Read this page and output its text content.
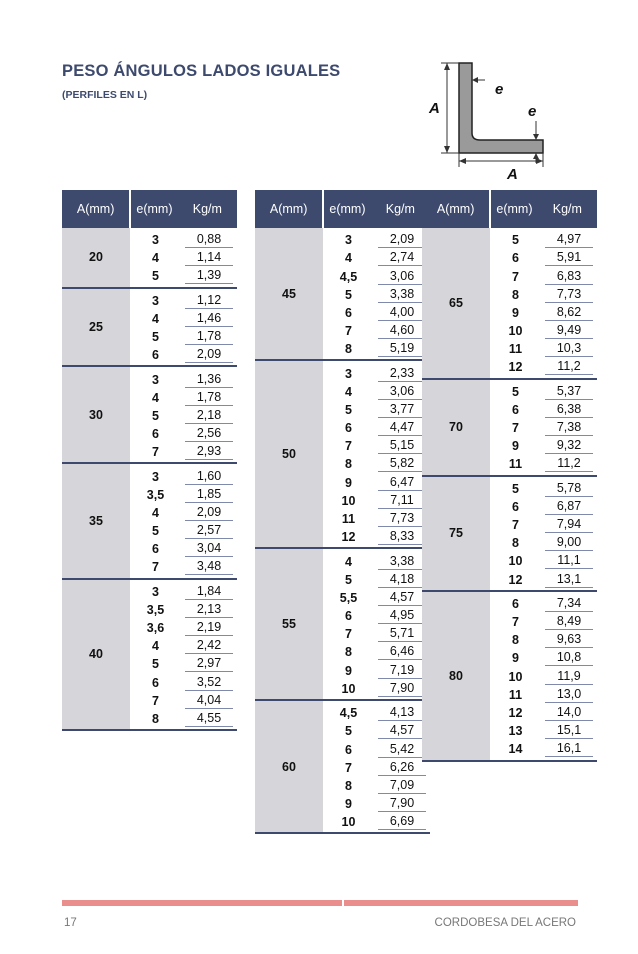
PESO ÁNGULOS LADOS IGUALES
(PERFILES EN L)
A
e
e
A
A (mm) e (mm) Kg/m
20
3	0,88
4	1,14
5	1,39
25
3	1,12
4	1,46
5	1,78
6	2,09
30
3	1,36
4	1,78
5	2,18
6	2,56
7	2,93
35
3	1,60
3,5	1,85
4	2,09
5	2,57
6	3,04
7	3,48
40
3	1,84
3,5	2,13
3,6	2,19
4	2,42
5	2,97
6	3,52
7	4,04
8	4,55
A (mm) e (mm) Kg/m
45
3	2,09
4	2,74
4,5	3,06
5	3,38
6	4,00
7	4,60
8	5,19
50
3	2,33
4	3,06
5	3,77
6	4,47
7	5,15
8	5,82
9	6,47
10	7,11
11	7,73
12	8,33
55
4	3,38
5	4,18
5,5	4,57
6	4,95
7	5,71
8	6,46
9	7,19
10	7,90
60
4,5	4,13
5	4,57
6	5,42
7	6,26
8	7,09
9	7,90
10	6,69
A (mm) e (mm) Kg/m
65
5	4,97
6	5,91
7	6,83
8	7,73
9	8,62
10	9,49
11	10,3
12	11,2
70
5	5,37
6	6,38
7	7,38
9	9,32
11	11,2
75
5	5,78
6	6,87
7	7,94
8	9,00
10	11,1
12	13,1
80
6	7,34
7	8,49
8	9,63
9	10,8
10	11,9
11	13,0
12	14,0
13	15,1
14	16,1
17	CORDOBESA DEL ACERO
